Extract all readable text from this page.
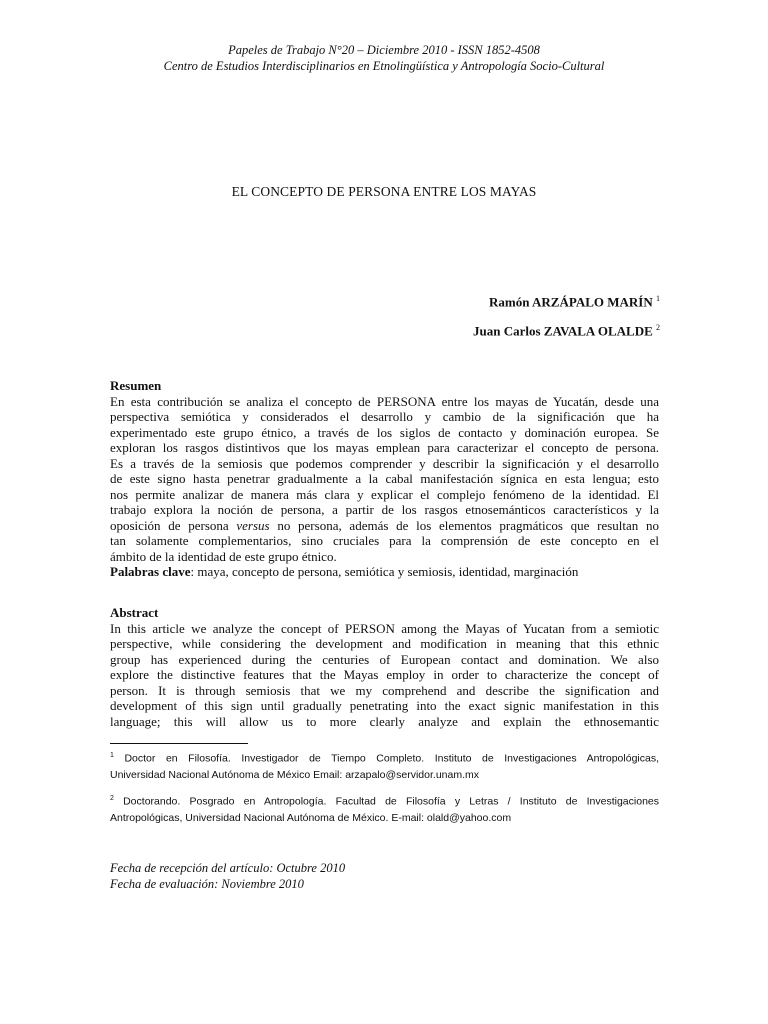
Papeles de Trabajo N°20 – Diciembre 2010 - ISSN 1852-4508
Centro de Estudios Interdisciplinarios en Etnolingüística y Antropología Socio-Cultural
EL CONCEPTO DE PERSONA ENTRE LOS MAYAS
Ramón ARZÁPALO MARÍN $^1$
Juan Carlos ZAVALA OLALDE $^2$
Resumen
En esta contribución se analiza el concepto de PERSONA entre los mayas de Yucatán, desde una
perspectiva semiótica y considerados el desarrollo y cambio de la significación que ha
experimentado este grupo étnico, a través de los siglos de contacto y dominación europea. Se
exploran los rasgos distintivos que los mayas emplean para caracterizar el concepto de persona.
Es a través de la semiosis que podemos comprender y describir la significación y el desarrollo
de este signo hasta penetrar gradualmente a la cabal manifestación sígnica en esta lengua; esto
nos permite analizar de manera más clara y explicar el complejo fenómeno de la identidad. El
trabajo explora la noción de persona, a partir de los rasgos etnosemánticos característicos y la
oposición de persona versus no persona, además de los elementos pragmáticos que resultan no
tan solamente complementarios, sino cruciales para la comprensión de este concepto en el
ámbito de la identidad de este grupo étnico.
Palabras clave: maya, concepto de persona, semiótica y semiosis, identidad, marginación
Abstract
In this article we analyze the concept of PERSON among the Mayas of Yucatan from a semiotic
perspective, while considering the development and modification in meaning that this ethnic
group has experienced during the centuries of European contact and domination. We also
explore the distinctive features that the Mayas employ in order to characterize the concept of
person. It is through semiosis that we my comprehend and describe the signification and
development of this sign until gradually penetrating into the exact signic manifestation in this
language; this will allow us to more clearly analyze and explain the ethnosemantic
$^1$ Doctor en Filosofía. Investigador de Tiempo Completo. Instituto de Investigaciones Antropológicas,
Universidad Nacional Autónoma de México Email: arzapalo@servidor.unam.mx
$^2$ Doctorando. Posgrado en Antropología. Facultad de Filosofía y Letras / Instituto de Investigaciones
Antropológicas, Universidad Nacional Autónoma de México. E-mail: olald@yahoo.com
Fecha de recepción del artículo: Octubre 2010
Fecha de evaluación: Noviembre 2010
